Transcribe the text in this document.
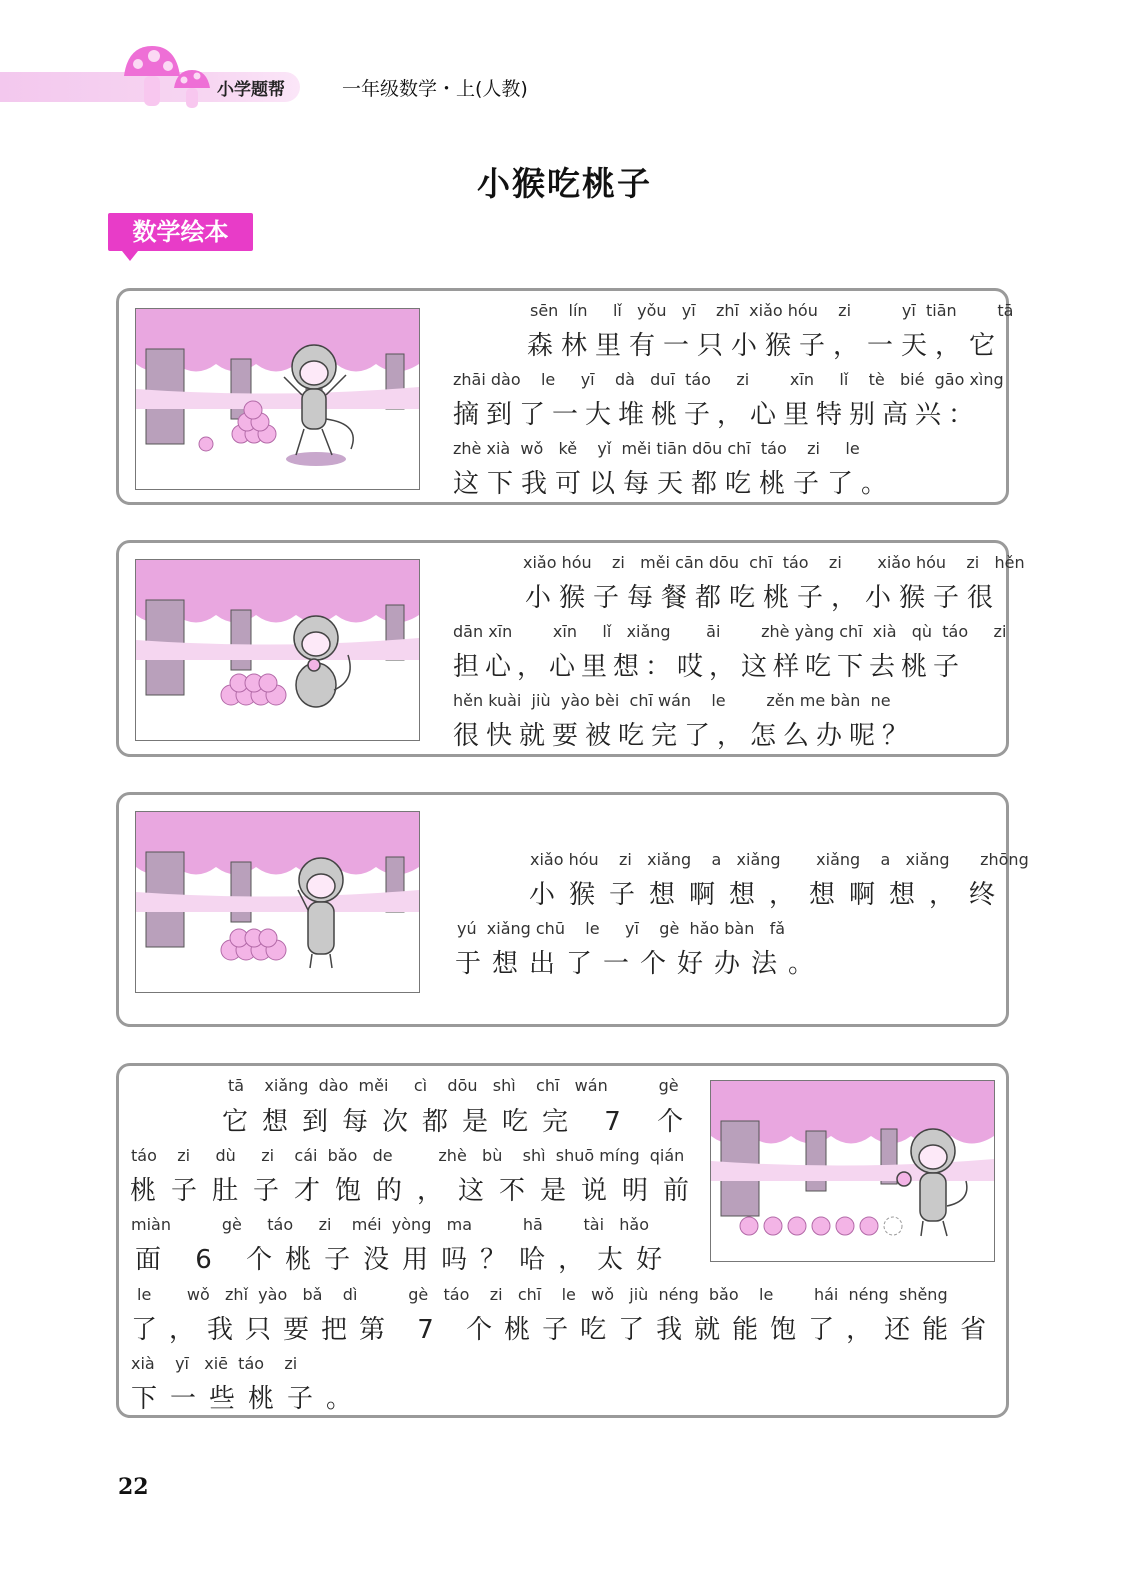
小学题帮	一年级数学・上(人教)
小猴吃桃子
数学绘本
sēn  lín     lǐ   yǒu   yī    zhī  xiǎo hóu    zi          yī  tiān        tā
森林里有一只小猴子，一天，它
zhāi dào    le     yī    dà   duī  táo     zi        xīn     lǐ    tè   bié  gāo xìng
摘到了一大堆桃子，心里特别高兴：
zhè xià  wǒ   kě    yǐ  měi tiān dōu chī  táo    zi     le
这下我可以每天都吃桃子了。
xiǎo hóu    zi   měi cān dōu  chī  táo    zi       xiǎo hóu    zi   hěn
小猴子每餐都吃桃子，小猴子很
dān xīn        xīn     lǐ   xiǎng       āi        zhè yàng chī  xià   qù  táo     zi
担心，心里想：哎，这样吃下去桃子
hěn kuài  jiù  yào bèi  chī wán    le        zěn me bàn  ne
很快就要被吃完了，怎么办呢？
xiǎo hóu    zi   xiǎng    a   xiǎng       xiǎng    a   xiǎng      zhōng
小猴子想啊想，想啊想，终
yú  xiǎng chū    le     yī    gè  hǎo bàn   fǎ
于想出了一个好办法。
tā    xiǎng  dào  měi     cì    dōu   shì    chī   wán          gè
它想到每次都是吃完 7 个
táo    zi     dù     zi    cái  bǎo   de         zhè   bù    shì  shuō míng  qián
桃子肚子才饱的，这不是说明前
miàn          gè     táo     zi    méi  yòng   ma          hā        tài   hǎo
面 6 个桃子没用吗？哈，太好
le       wǒ   zhǐ  yào   bǎ    dì          gè   táo    zi   chī    le   wǒ   jiù  néng  bǎo    le        hái  néng  shěng
了，我只要把第 7 个桃子吃了我就能饱了，还能省
xià    yī   xiē  táo    zi
下一些桃子。
22
